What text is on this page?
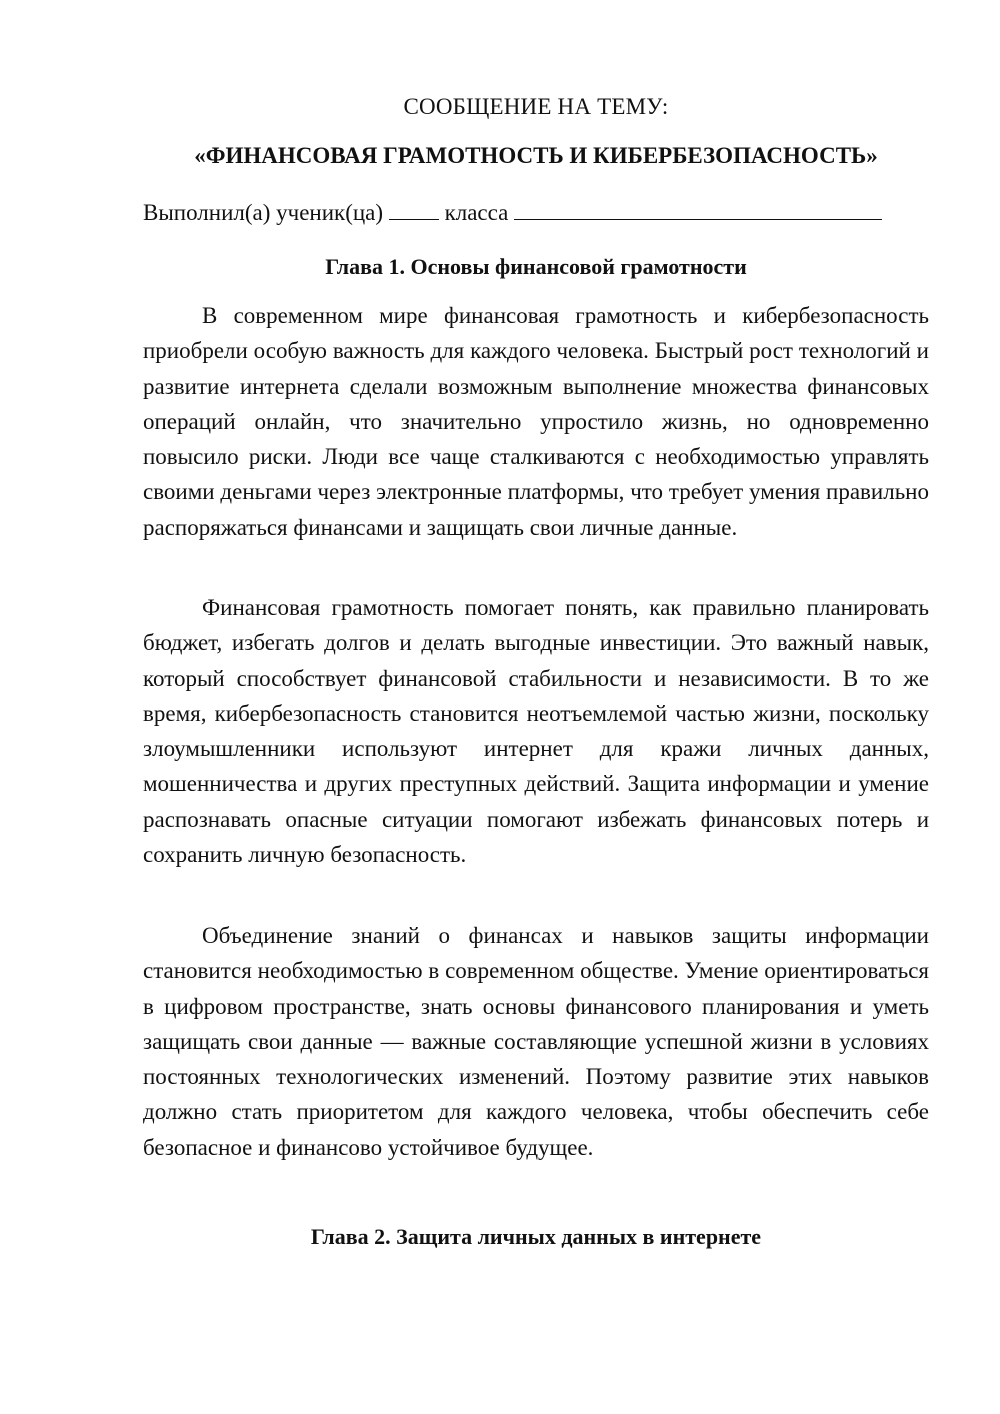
СООБЩЕНИЕ НА ТЕМУ:
«ФИНАНСОВАЯ ГРАМОТНОСТЬ И КИБЕРБЕЗОПАСНОСТЬ»
Выполнил(а) ученик(ца)	класса
Глава 1. Основы финансовой грамотности

В современном мире финансовая грамотность и кибербезопасность приобрели особую важность для каждого человека. Быстрый рост технологий и развитие интернета сделали возможным выполнение множества финансовых операций онлайн, что значительно упростило жизнь, но одновременно повысило риски. Люди все чаще сталкиваются с необходимостью управлять своими деньгами через электронные платформы, что требует умения правильно распоряжаться финансами и защищать свои личные данные.

Финансовая грамотность помогает понять, как правильно планировать бюджет, избегать долгов и делать выгодные инвестиции. Это важный навык, который способствует финансовой стабильности и независимости. В то же время, кибербезопасность становится неотъемлемой частью жизни, поскольку злоумышленники используют интернет для кражи личных данных, мошенничества и других преступных действий. Защита информации и умение распознавать опасные ситуации помогают избежать финансовых потерь и сохранить личную безопасность.

Объединение знаний о финансах и навыков защиты информации становится необходимостью в современном обществе. Умение ориентироваться в цифровом пространстве, знать основы финансового планирования и уметь защищать свои данные — важные составляющие успешной жизни в условиях постоянных технологических изменений. Поэтому развитие этих навыков должно стать приоритетом для каждого человека, чтобы обеспечить себе безопасное и финансово устойчивое будущее.

Глава 2. Защита личных данных в интернете
